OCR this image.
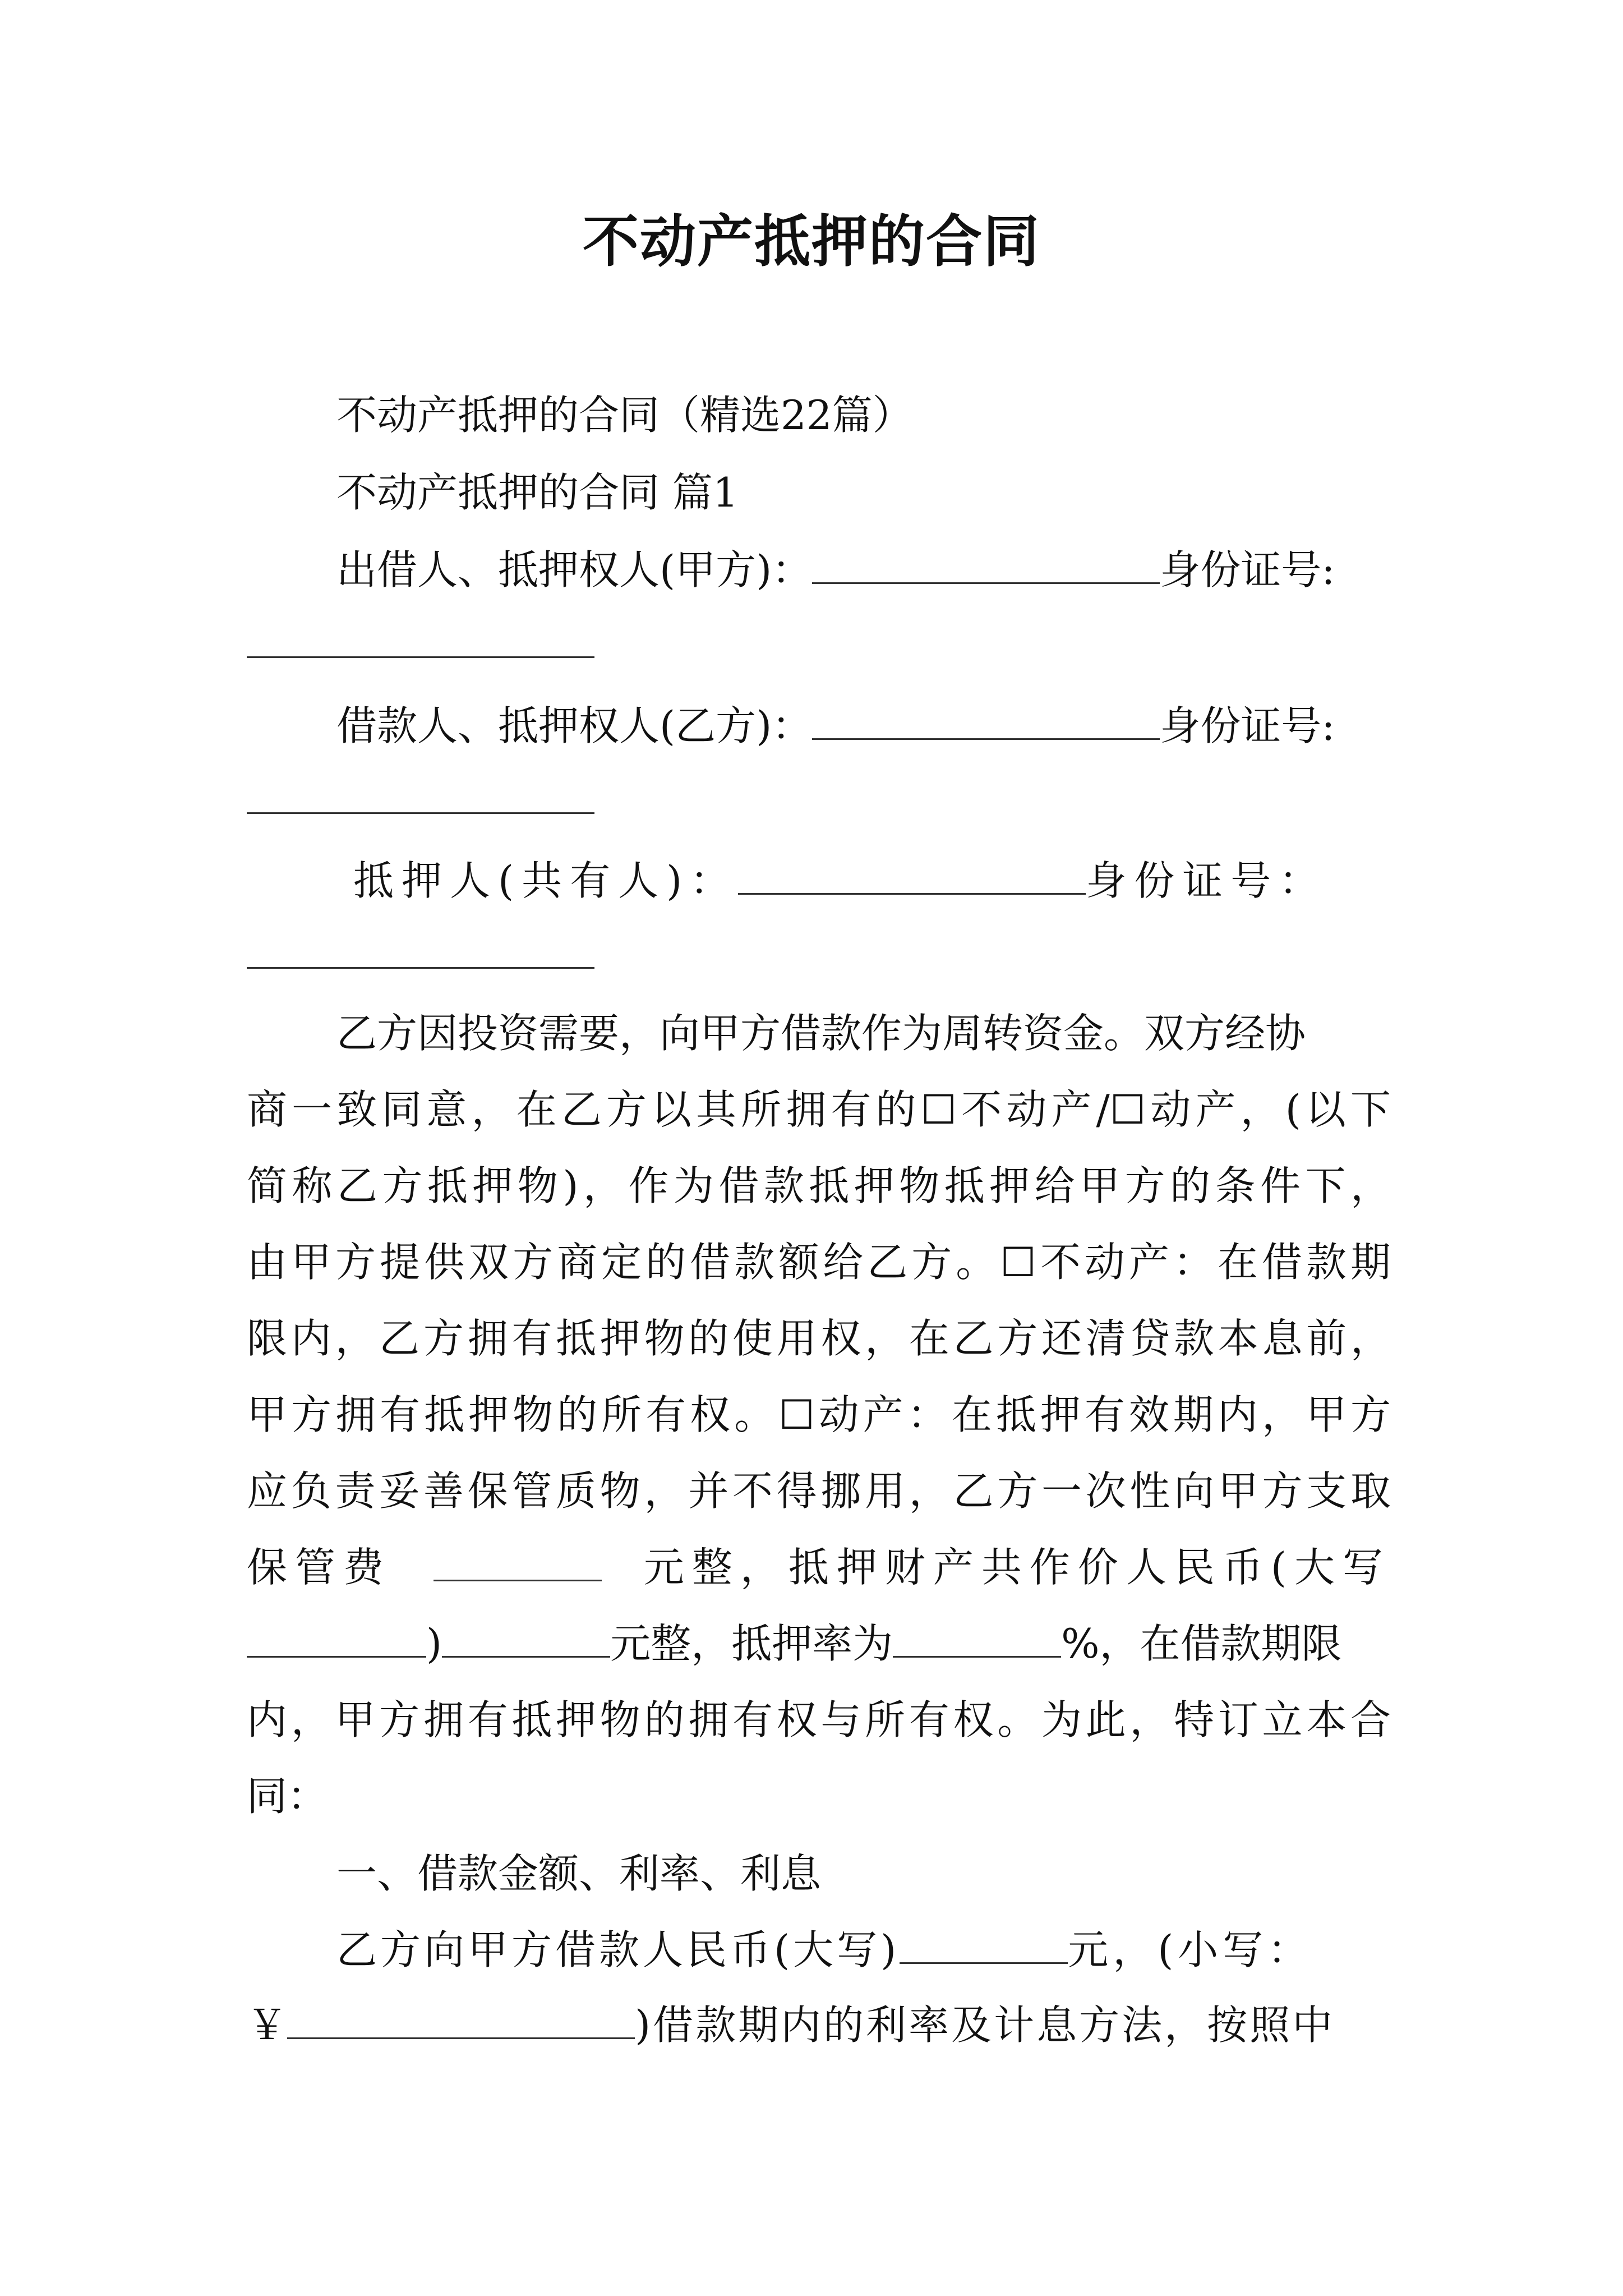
不动产抵押的合同
不动产抵押的合同（精选22篇）
不动产抵押的合同 篇1
出借人、抵押权人(甲方)：	身份证号:
借款人、抵押权人(乙方)：	身份证号:
抵押人(共有人)：	身份证号：
乙方因投资需要，向甲方借款作为周转资金。双方经协
商一致同意，在乙方以其所拥有的☐不动产/☐动产，(以下
简称乙方抵押物)，作为借款抵押物抵押给甲方的条件下，
由甲方提供双方商定的借款额给乙方。☐不动产：在借款期
限内，乙方拥有抵押物的使用权，在乙方还清贷款本息前，
甲方拥有抵押物的所有权。☐动产：在抵押有效期内，甲方
应负责妥善保管质物，并不得挪用，乙方一次性向甲方支取
保管费	元整，抵押财产共作价人民币(大写
)	元整，抵押率为	%，在借款期限
内，甲方拥有抵押物的拥有权与所有权。为此，特订立本合
同：
一、借款金额、利率、利息
乙方向甲方借款人民币(大写)	元，(小写：
￥	)借款期内的利率及计息方法，按照中
